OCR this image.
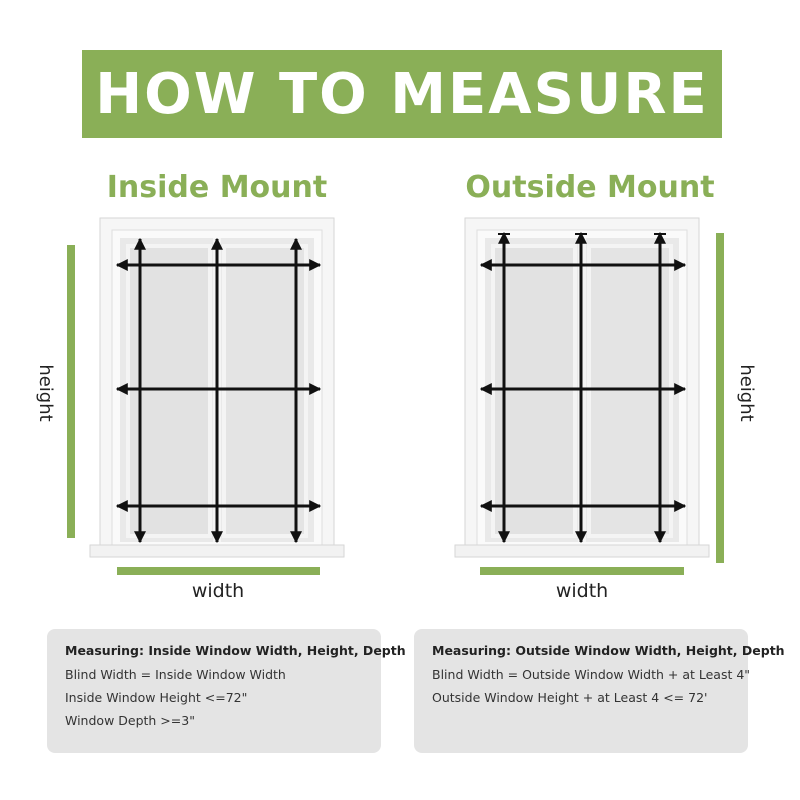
HOW TO MEASURE
Inside Mount	Outside Mount
height	height
width	width
Measuring: Inside Window Width, Height, Depth
Blind Width = Inside Window Width
Inside Window Height <=72"
Window Depth >=3"
Measuring: Outside Window Width, Height, Depth
Blind Width = Outside Window Width + at Least 4"
Outside Window Height + at Least 4 <= 72'
